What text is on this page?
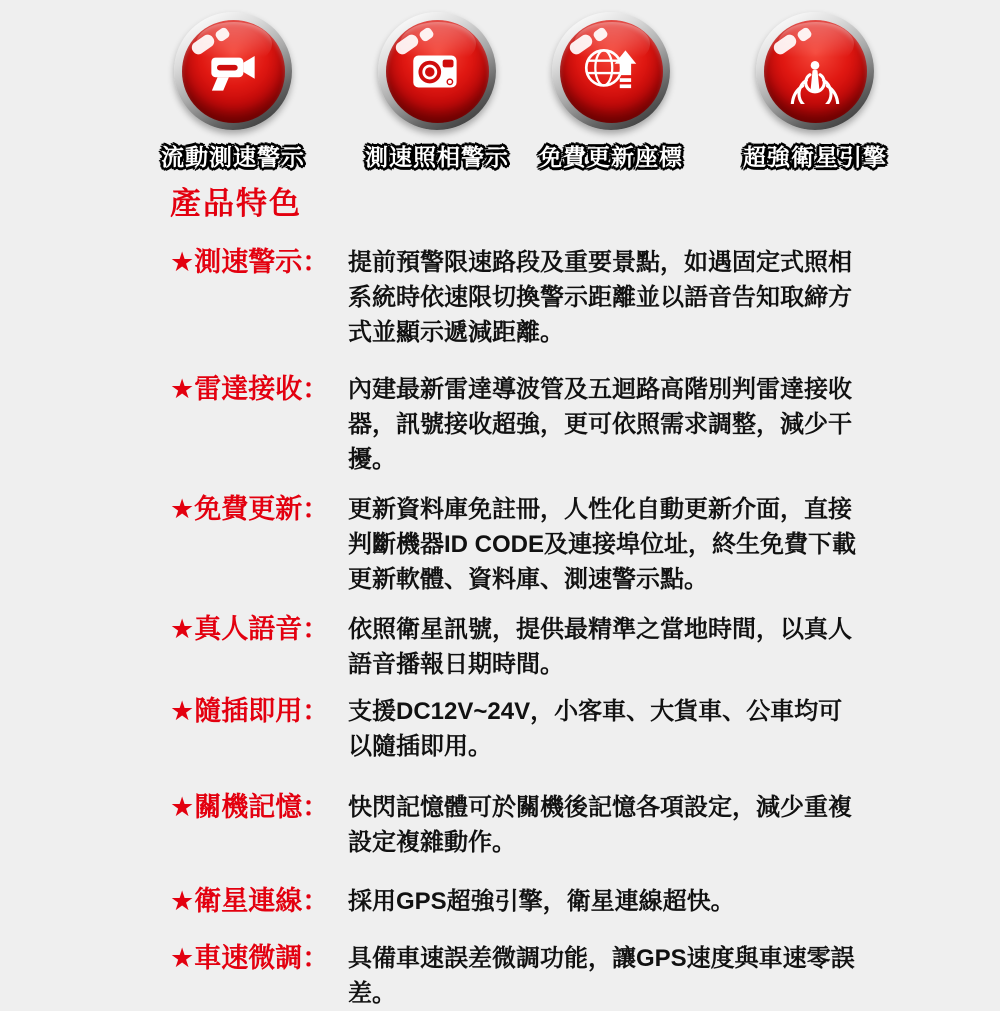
流動測速警示	測速照相警示 免費更新座標	超強衛星引擎
產品特色
★測速警示： 提前預警限速路段及重要景點，如遇固定式照相系統時依速限切換警示距離並以語音告知取締方式並顯示遞減距離。
★雷達接收： 內建最新雷達導波管及五迴路高階別判雷達接收器，訊號接收超強，更可依照需求調整，減少干擾。
★免費更新： 更新資料庫免註冊，人性化自動更新介面，直接判斷機器ID CODE及連接埠位址，終生免費下載更新軟體、資料庫、測速警示點。
★真人語音： 依照衛星訊號，提供最精準之當地時間，以真人語音播報日期時間。
★隨插即用： 支援DC12V~24V，小客車、大貨車、公車均可以隨插即用。
★關機記憶： 快閃記憶體可於關機後記憶各項設定，減少重複設定複雜動作。
★衛星連線： 採用GPS超強引擎，衛星連線超快。
★車速微調： 具備車速誤差微調功能，讓GPS速度與車速零誤差。
